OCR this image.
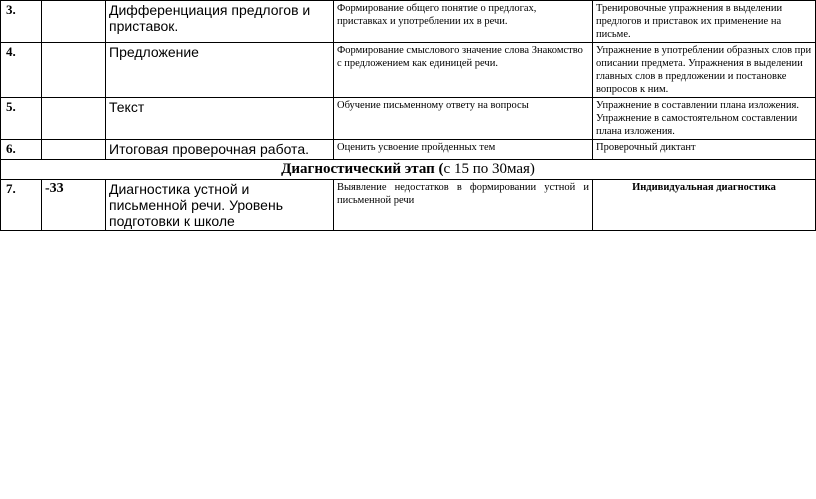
3.		Дифференциация предлогов и приставок.	Формирование общего понятие о предлогах, приставках и употреблении их в речи.	Тренировочные упражнения в выделении предлогов и приставок их применение на письме.
4.		Предложение	Формирование смыслового значение слова Знакомство с предложением как единицей речи.	Упражнение в употреблении образных слов при описании предмета. Упражнения в выделении главных слов в предложении и постановке вопросов к ним.
5.		Текст	Обучение письменному ответу на вопросы	Упражнение в составлении плана изложения. Упражнение в самостоятельном составлении плана изложения.
6.		Итоговая проверочная работа.	Оценить усвоение пройденных тем	Проверочный диктант
Диагностический этап (с 15 по 30мая)				
7.	-33	Диагностика устной и письменной речи. Уровень подготовки к школе	Выявление недостатков в формировании устной и письменной речи	Индивидуальная диагностика
